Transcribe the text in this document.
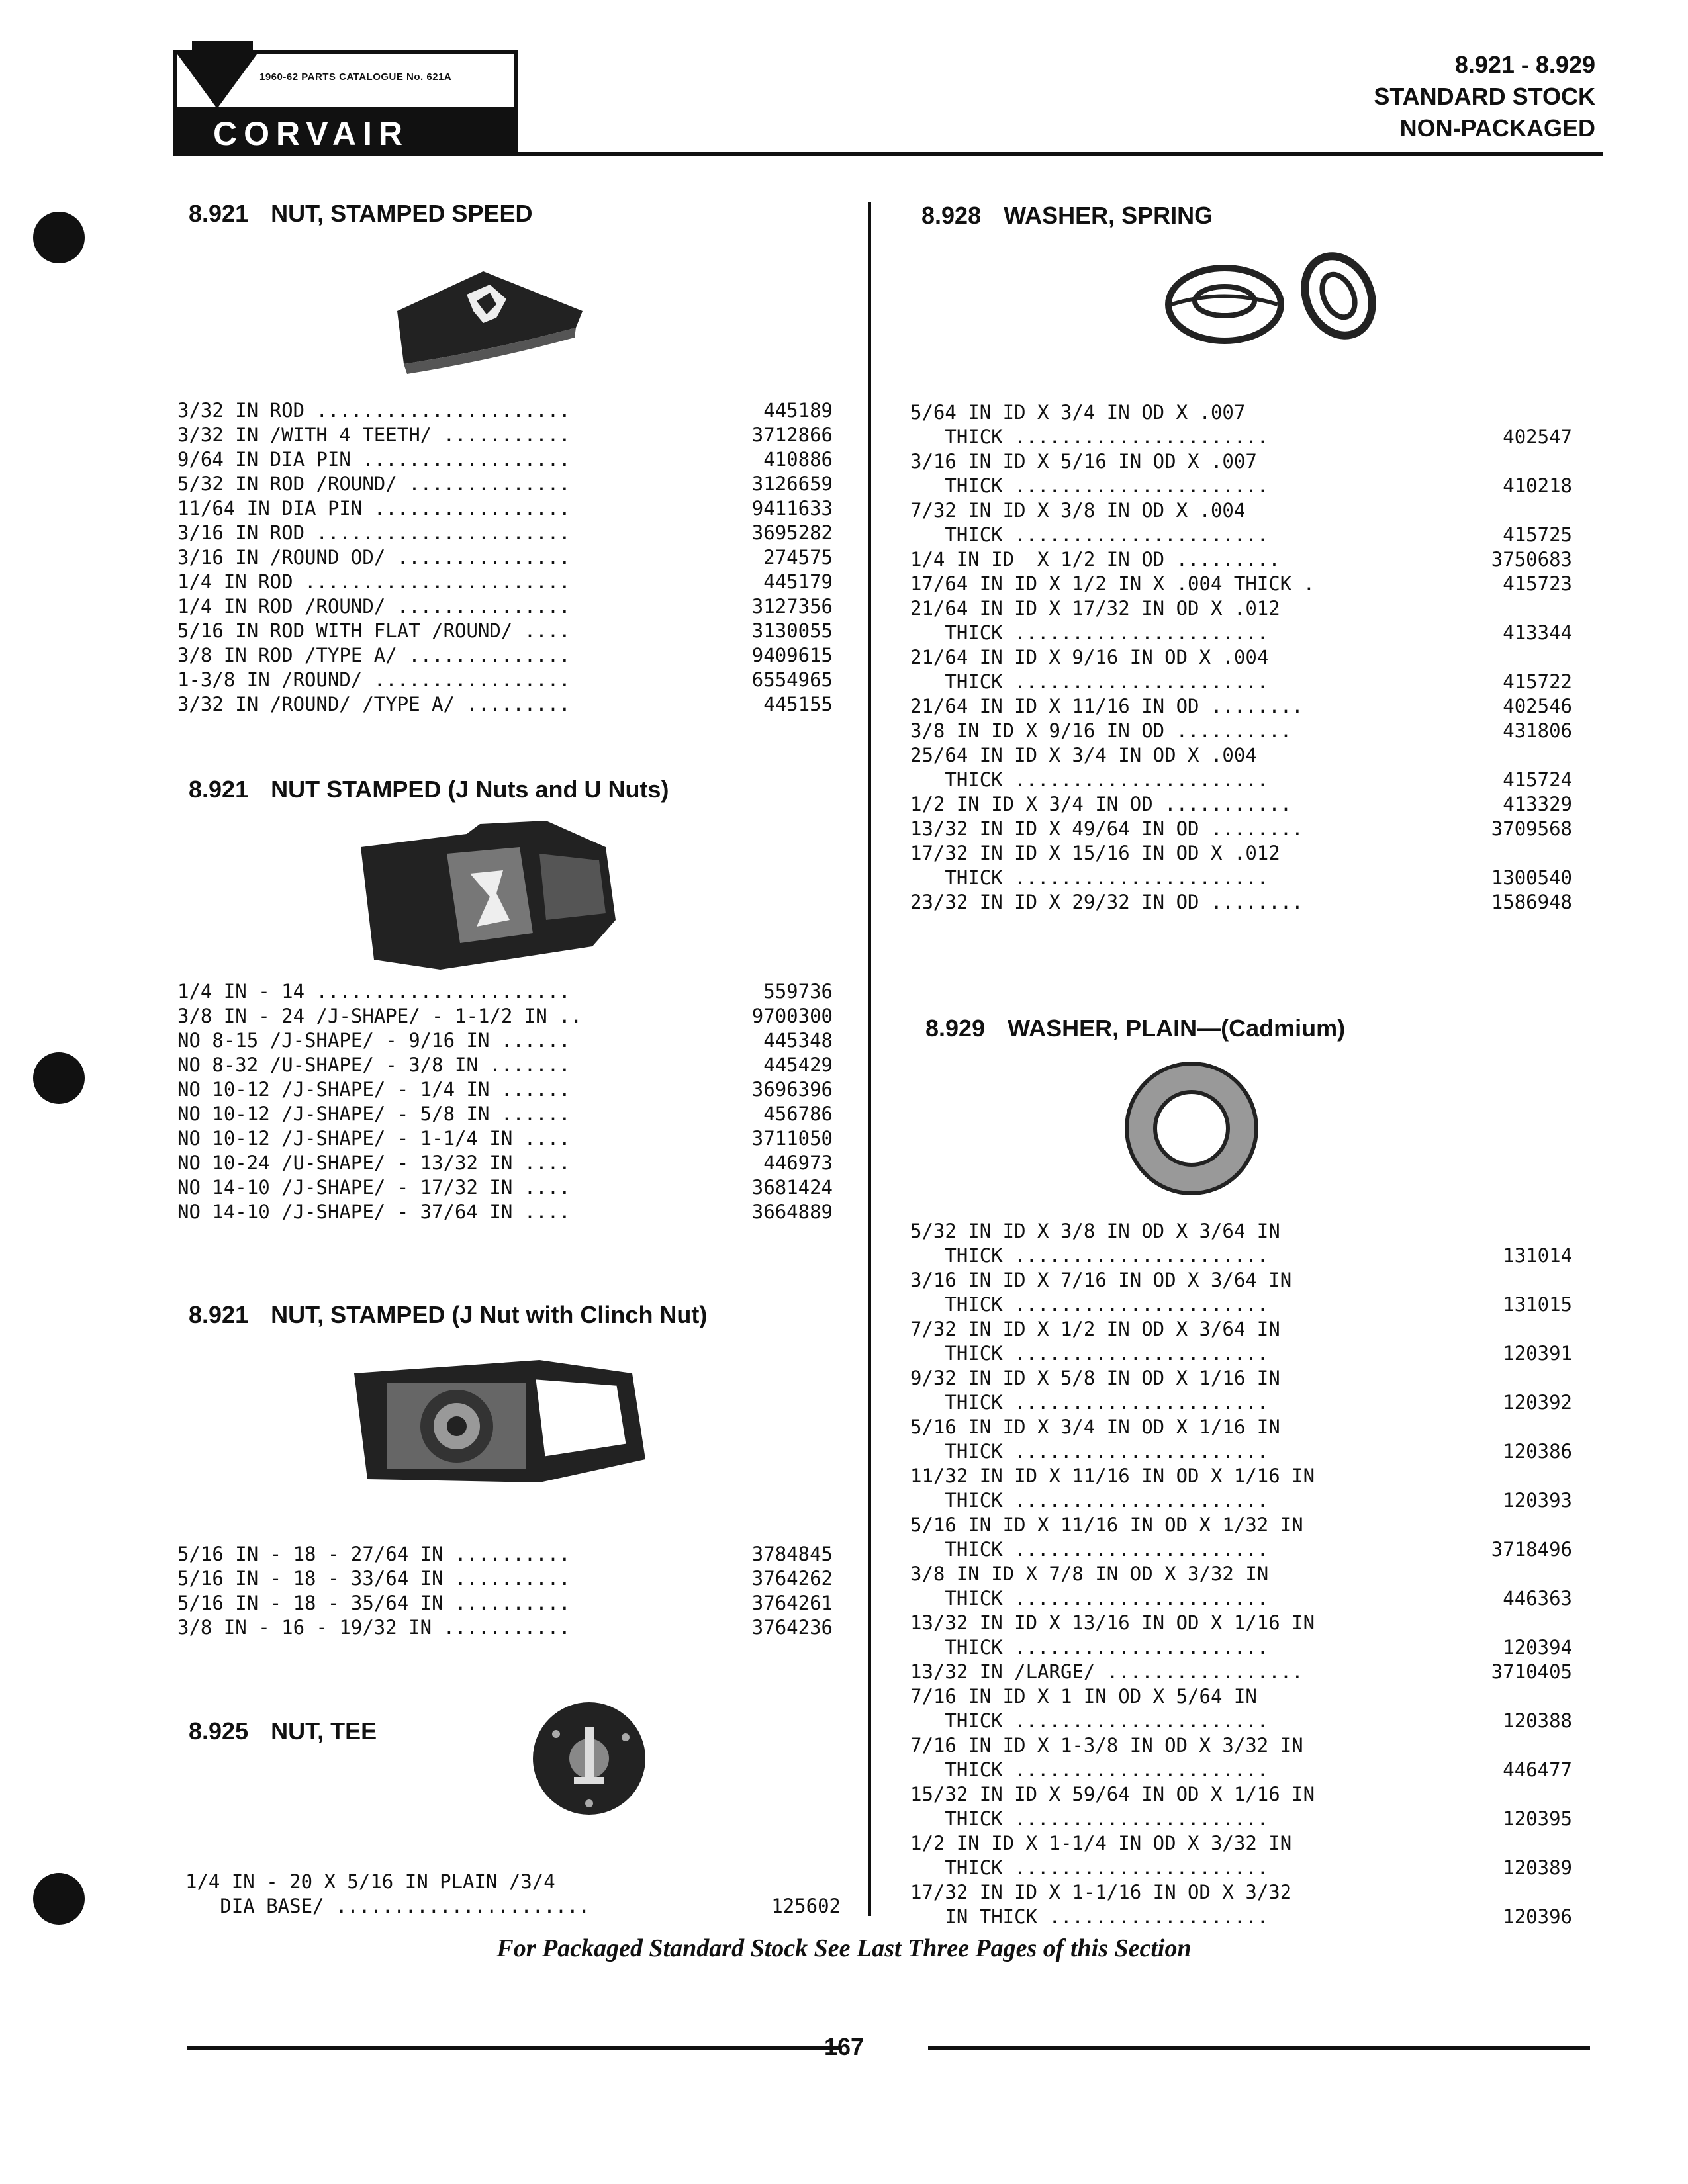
1960-62 PARTS CATALOGUE No. 621A
CORVAIR
8.921 - 8.929
STANDARD STOCK
NON-PACKAGED
8.921 NUT, STAMPED SPEED
3/32 IN ROD ......................	445189
3/32 IN /WITH 4 TEETH/ ...........	3712866
9/64 IN DIA PIN ..................	410886
5/32 IN ROD /ROUND/ ..............	3126659
11/64 IN DIA PIN .................	9411633
3/16 IN ROD ......................	3695282
3/16 IN /ROUND OD/ ...............	274575
1/4 IN ROD .......................	445179
1/4 IN ROD /ROUND/ ...............	3127356
5/16 IN ROD WITH FLAT /ROUND/ ....	3130055
3/8 IN ROD /TYPE A/ ..............	9409615
1-3/8 IN /ROUND/ .................	6554965
3/32 IN /ROUND/ /TYPE A/ .........	445155
8.921 NUT STAMPED (J Nuts and U Nuts)
1/4 IN - 14 ......................	559736
3/8 IN - 24 /J-SHAPE/ - 1-1/2 IN ..	9700300
NO 8-15 /J-SHAPE/ - 9/16 IN ......	445348
NO 8-32 /U-SHAPE/ - 3/8 IN .......	445429
NO 10-12 /J-SHAPE/ - 1/4 IN ......	3696396
NO 10-12 /J-SHAPE/ - 5/8 IN ......	456786
NO 10-12 /J-SHAPE/ - 1-1/4 IN ....	3711050
NO 10-24 /U-SHAPE/ - 13/32 IN ....	446973
NO 14-10 /J-SHAPE/ - 17/32 IN ....	3681424
NO 14-10 /J-SHAPE/ - 37/64 IN ....	3664889
8.921 NUT, STAMPED (J Nut with Clinch Nut)
5/16 IN - 18 - 27/64 IN ..........	3784845
5/16 IN - 18 - 33/64 IN ..........	3764262
5/16 IN - 18 - 35/64 IN ..........	3764261
3/8 IN - 16 - 19/32 IN ...........	3764236
8.925 NUT, TEE
1/4 IN - 20 X 5/16 IN PLAIN /3/4
DIA BASE/ ......................	125602
8.928 WASHER, SPRING
5/64 IN ID X 3/4 IN OD X .007
THICK ......................	402547
3/16 IN ID X 5/16 IN OD X .007
THICK ......................	410218
7/32 IN ID X 3/8 IN OD X .004
THICK ......................	415725
1/4 IN ID  X 1/2 IN OD .........	3750683
17/64 IN ID X 1/2 IN X .004 THICK .	415723
21/64 IN ID X 17/32 IN OD X .012
THICK ......................	413344
21/64 IN ID X 9/16 IN OD X .004
THICK ......................	415722
21/64 IN ID X 11/16 IN OD ........	402546
3/8 IN ID X 9/16 IN OD ..........	431806
25/64 IN ID X 3/4 IN OD X .004
THICK ......................	415724
1/2 IN ID X 3/4 IN OD ...........	413329
13/32 IN ID X 49/64 IN OD ........	3709568
17/32 IN ID X 15/16 IN OD X .012
THICK ......................	1300540
23/32 IN ID X 29/32 IN OD ........	1586948
8.929 WASHER, PLAIN—(Cadmium)
5/32 IN ID X 3/8 IN OD X 3/64 IN
THICK ......................	131014
3/16 IN ID X 7/16 IN OD X 3/64 IN
THICK ......................	131015
7/32 IN ID X 1/2 IN OD X 3/64 IN
THICK ......................	120391
9/32 IN ID X 5/8 IN OD X 1/16 IN
THICK ......................	120392
5/16 IN ID X 3/4 IN OD X 1/16 IN
THICK ......................	120386
11/32 IN ID X 11/16 IN OD X 1/16 IN
THICK ......................	120393
5/16 IN ID X 11/16 IN OD X 1/32 IN
THICK ......................	3718496
3/8 IN ID X 7/8 IN OD X 3/32 IN
THICK ......................	446363
13/32 IN ID X 13/16 IN OD X 1/16 IN
THICK ......................	120394
13/32 IN /LARGE/ .................	3710405
7/16 IN ID X 1 IN OD X 5/64 IN
THICK ......................	120388
7/16 IN ID X 1-3/8 IN OD X 3/32 IN
THICK ......................	446477
15/32 IN ID X 59/64 IN OD X 1/16 IN
THICK ......................	120395
1/2 IN ID X 1-1/4 IN OD X 3/32 IN
THICK ......................	120389
17/32 IN ID X 1-1/16 IN OD X 3/32
IN THICK ...................	120396
For Packaged Standard Stock See Last Three Pages of this Section
167
